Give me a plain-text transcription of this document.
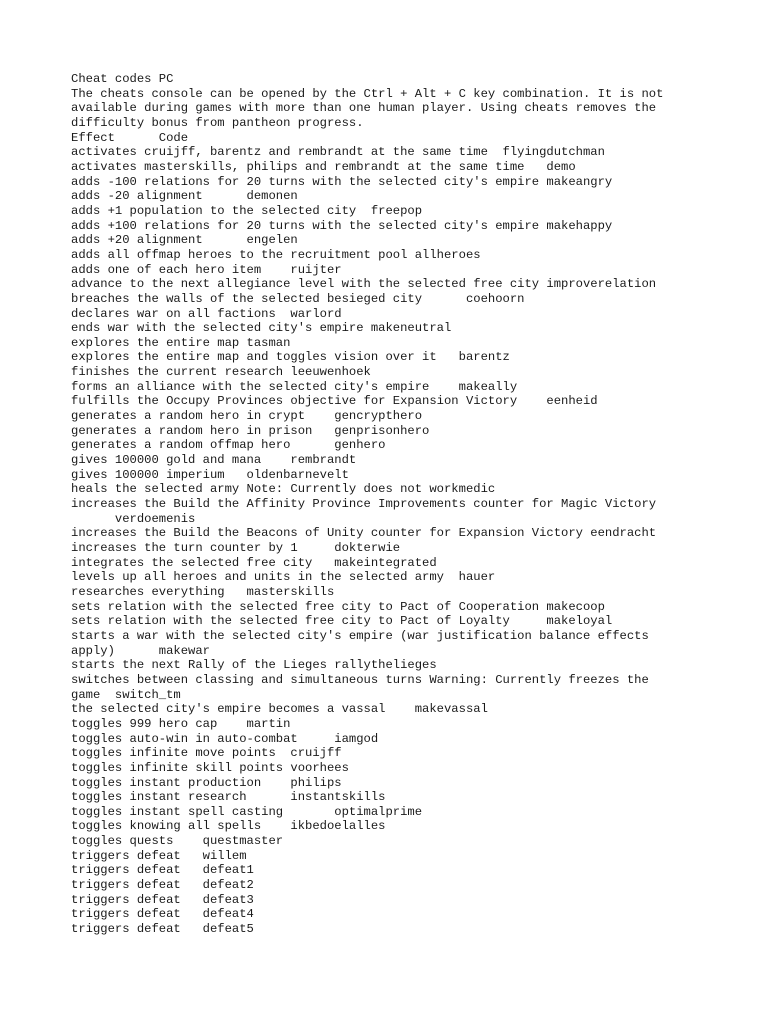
Cheat codes PC
The cheats console can be opened by the Ctrl + Alt + C key combination. It is not
available during games with more than one human player. Using cheats removes the
difficulty bonus from pantheon progress.
Effect      Code
activates cruijff, barentz and rembrandt at the same time  flyingdutchman
activates masterskills, philips and rembrandt at the same time   demo
adds -100 relations for 20 turns with the selected city's empire makeangry
adds -20 alignment      demonen
adds +1 population to the selected city  freepop
adds +100 relations for 20 turns with the selected city's empire makehappy
adds +20 alignment      engelen
adds all offmap heroes to the recruitment pool allheroes
adds one of each hero item    ruijter
advance to the next allegiance level with the selected free city improverelation
breaches the walls of the selected besieged city      coehoorn
declares war on all factions  warlord
ends war with the selected city's empire makeneutral
explores the entire map tasman
explores the entire map and toggles vision over it   barentz
finishes the current research leeuwenhoek
forms an alliance with the selected city's empire    makeally
fulfills the Occupy Provinces objective for Expansion Victory    eenheid
generates a random hero in crypt    gencrypthero
generates a random hero in prison   genprisonhero
generates a random offmap hero      genhero
gives 100000 gold and mana    rembrandt
gives 100000 imperium   oldenbarnevelt
heals the selected army Note: Currently does not workmedic
increases the Build the Affinity Province Improvements counter for Magic Victory
verdoemenis
increases the Build the Beacons of Unity counter for Expansion Victory eendracht
increases the turn counter by 1     dokterwie
integrates the selected free city   makeintegrated
levels up all heroes and units in the selected army  hauer
researches everything   masterskills
sets relation with the selected free city to Pact of Cooperation makecoop
sets relation with the selected free city to Pact of Loyalty     makeloyal
starts a war with the selected city's empire (war justification balance effects
apply)      makewar
starts the next Rally of the Lieges rallythelieges
switches between classing and simultaneous turns Warning: Currently freezes the
game  switch_tm
the selected city's empire becomes a vassal    makevassal
toggles 999 hero cap    martin
toggles auto-win in auto-combat     iamgod
toggles infinite move points  cruijff
toggles infinite skill points voorhees
toggles instant production    philips
toggles instant research      instantskills
toggles instant spell casting       optimalprime
toggles knowing all spells    ikbedoelalles
toggles quests    questmaster
triggers defeat   willem
triggers defeat   defeat1
triggers defeat   defeat2
triggers defeat   defeat3
triggers defeat   defeat4
triggers defeat   defeat5
